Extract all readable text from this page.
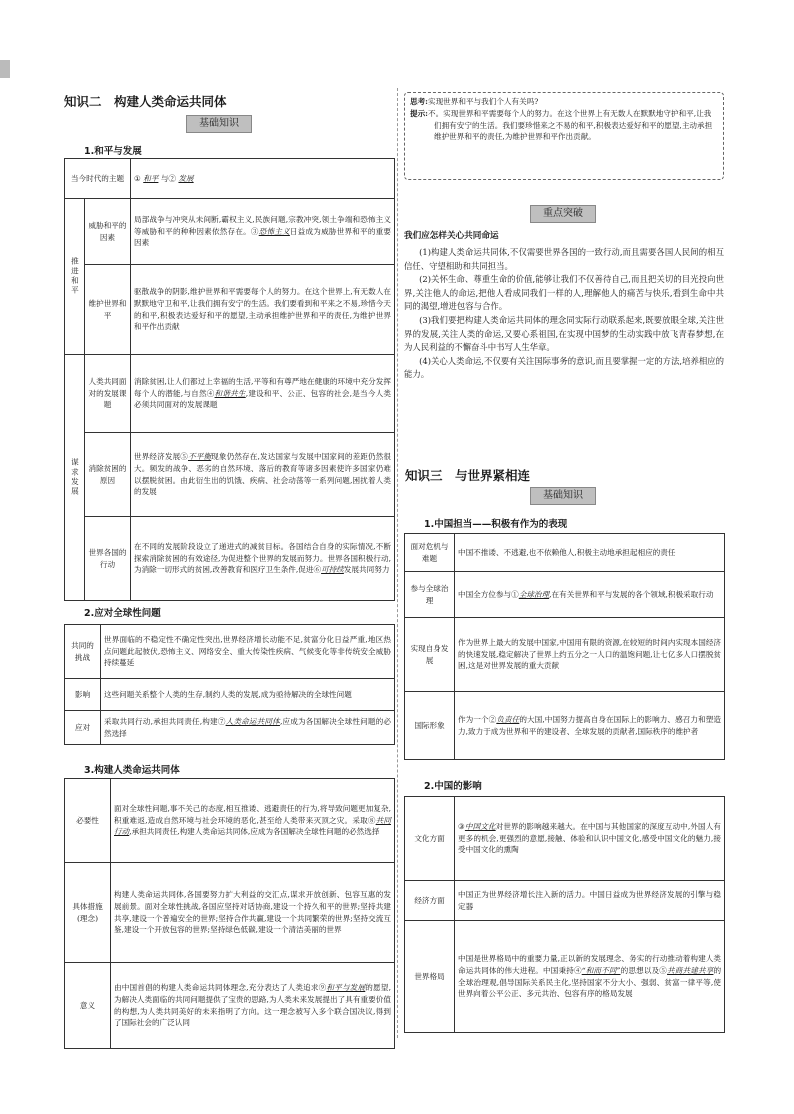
知识二　构建人类命运共同体
基础知识
1.和平与发展
当今时代的主题		① 和平 与② 发展
推进和平	威胁和平的因素	局部战争与冲突从未间断,霸权主义,民族问题,宗教冲突,领土争端和恐怖主义等威胁和平的种种因素依然存在。③恐怖主义日益成为威胁世界和平的重要因素
	维护世界和平	驱散战争的阴影,维护世界和平需要每个人的努力。在这个世界上,有无数人在默默地守卫和平,让我们拥有安宁的生活。我们要看到和平来之不易,珍惜今天的和平,积极表达爱好和平的愿望,主动承担维护世界和平的责任,为维护世界和平作出贡献
谋求发展	人类共同面对的发展课题	消除贫困,让人们都过上幸福的生活,平等和有尊严地在健康的环境中充分发挥每个人的潜能,与自然④和谐共生,建设和平、公正、包容的社会,是当今人类必须共同面对的发展课题
	消除贫困的原因	世界经济发展⑤不平衡现象仍然存在,发达国家与发展中国家间的差距仍然很大。频发的战争、恶劣的自然环境、落后的教育等诸多因素使许多国家仍难以摆脱贫困。由此衍生出的饥饿、疾病、社会动荡等一系列问题,困扰着人类的发展
	世界各国的行动	在不同的发展阶段设立了递进式的减贫目标。各国结合自身的实际情况,不断探索消除贫困的有效途径,为促进整个世界的发展而努力。世界各国积极行动,为消除一切形式的贫困,改善教育和医疗卫生条件,促进⑥可持续发展共同努力
2.应对全球性问题
共同的挑战	世界面临的不稳定性不确定性突出,世界经济增长动能不足,贫富分化日益严重,地区热点问题此起彼伏,恐怖主义、网络安全、重大传染性疾病、气候变化等非传统安全威胁持续蔓延
影响	这些问题关系整个人类的生存,制约人类的发展,成为亟待解决的全球性问题
应对	采取共同行动,承担共同责任,构建⑦人类命运共同体,应成为各国解决全球性问题的必然选择
3.构建人类命运共同体
必要性	面对全球性问题,事不关己的态度,相互推诿、逃避责任的行为,将导致问题更加复杂,积重难返,造成自然环境与社会环境的恶化,甚至给人类带来灭顶之灾。采取⑧共同行动,承担共同责任,构建人类命运共同体,应成为各国解决全球性问题的必然选择
具体措施(理念)	构建人类命运共同体,各国要努力扩大利益的交汇点,谋求开放创新、包容互惠的发展前景。面对全球性挑战,各国应坚持对话协商,建设一个持久和平的世界;坚持共建共享,建设一个普遍安全的世界;坚持合作共赢,建设一个共同繁荣的世界;坚持交流互鉴,建设一个开放包容的世界;坚持绿色低碳,建设一个清洁美丽的世界
意义	由中国首倡的构建人类命运共同体理念,充分表达了人类追求⑨和平与发展的愿望,为解决人类面临的共同问题提供了宝贵的思路,为人类未来发展提出了具有重要价值的构想,为人类共同美好的未来指明了方向。这一理念被写入多个联合国决议,得到了国际社会的广泛认同

思考:实现世界和平与我们个人有关吗?

提示:不。实现世界和平需要每个人的努力。在这个世界上有无数人在默默地守护和平,让我们拥有安宁的生活。我们要珍惜来之不易的和平,积极表达爱好和平的愿望,主动承担维护世界和平的责任,为维护世界和平作出贡献。

重点突破

我们应怎样关心共同命运

(1)构建人类命运共同体,不仅需要世界各国的一致行动,而且需要各国人民间的相互信任、守望相助和共同担当。

(2)关怀生命、尊重生命的价值,能够让我们不仅善待自己,而且把关切的目光投向世界,关注他人的命运,把他人看成同我们一样的人,理解他人的痛苦与快乐,看到生命中共同的渴望,增进包容与合作。

(3)我们要把构建人类命运共同体的理念同实际行动联系起来,既要放眼全球,关注世界的发展,关注人类的命运,又要心系祖国,在实现中国梦的生动实践中放飞青春梦想,在为人民利益的不懈奋斗中书写人生华章。

(4)关心人类命运,不仅要有关注国际事务的意识,而且要掌握一定的方法,培养相应的能力。

知识三　与世界紧相连
基础知识
1.中国担当——积极有作为的表现
面对危机与难题	中国不推诿、不逃避,也不依赖他人,积极主动地承担起相应的责任
参与全球治理	中国全方位参与①全球治理,在有关世界和平与发展的各个领域,积极采取行动
实现自身发展	作为世界上最大的发展中国家,中国用有限的资源,在较短的时间内实现本国经济的快速发展,稳定解决了世界上约五分之一人口的温饱问题,让七亿多人口摆脱贫困,这是对世界发展的重大贡献
国际形象	作为一个②负责任的大国,中国努力提高自身在国际上的影响力、感召力和塑造力,致力于成为世界和平的建设者、全球发展的贡献者,国际秩序的维护者
2.中国的影响
文化方面	③中国文化对世界的影响越来越大。在中国与其他国家的深度互动中,外国人有更多的机会,更强烈的意愿,接触、体验和认识中国文化,感受中国文化的魅力,接受中国文化的熏陶
经济方面	中国正为世界经济增长注入新的活力。中国日益成为世界经济发展的引擎与稳定器
世界格局	中国是世界格局中的重要力量,正以新的发展理念、务实的行动推动着构建人类命运共同体的伟大进程。中国秉持④“和而不同”的思想以及⑤共商共建共享的全球治理观,倡导国际关系民主化,坚持国家不分大小、强弱、贫富一律平等,使世界向着公平公正、多元共治、包容有序的格局发展
